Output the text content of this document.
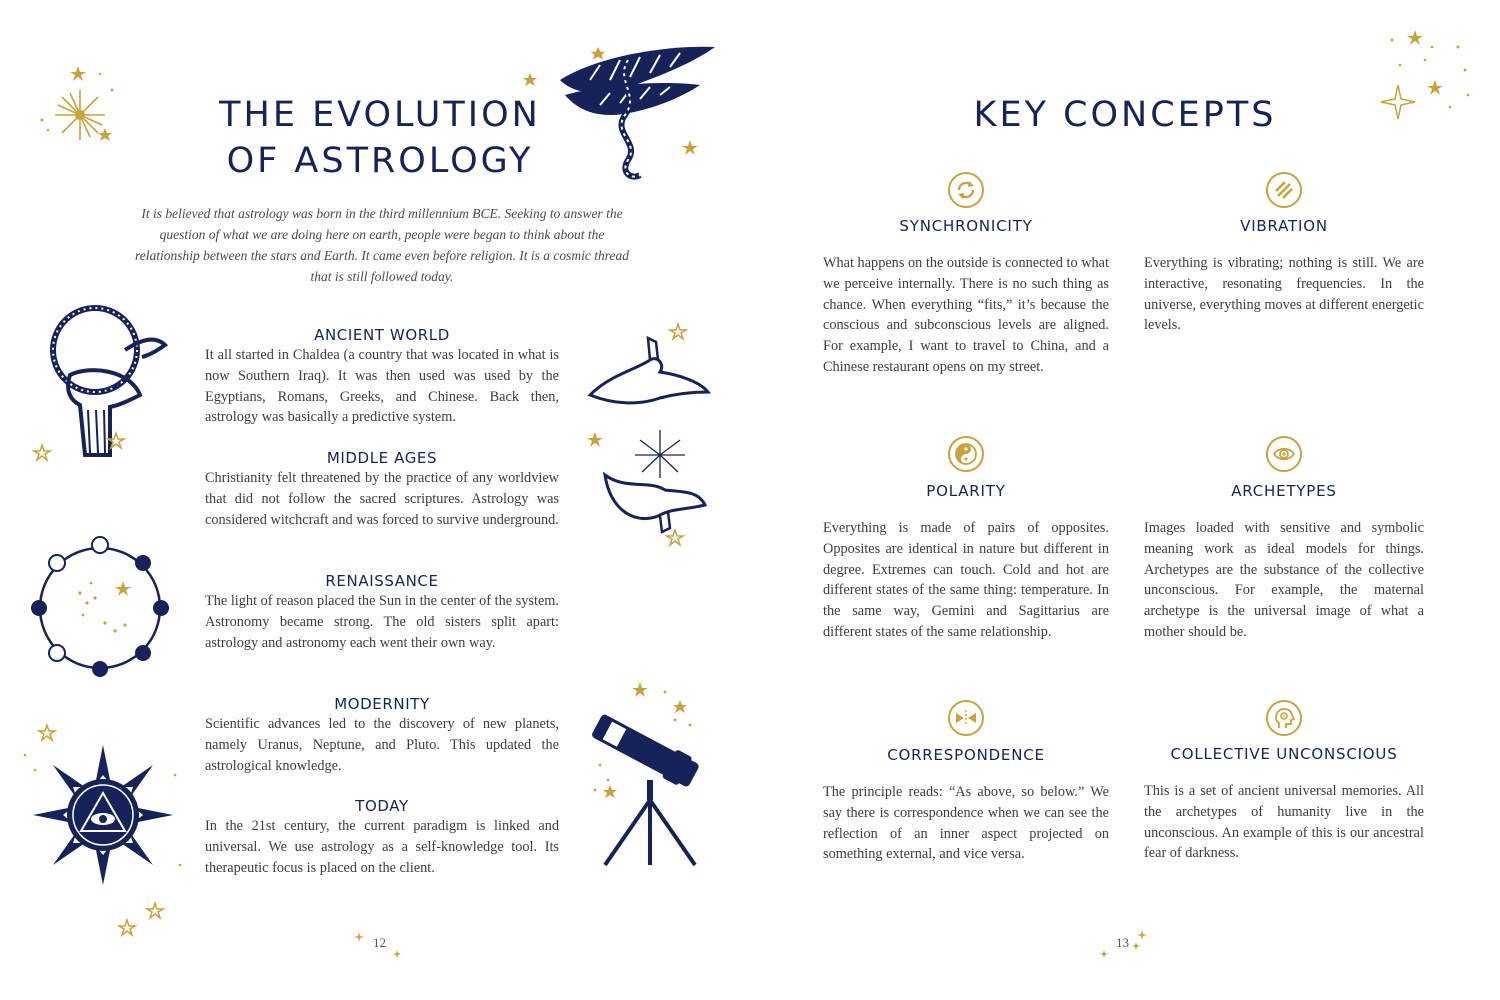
THE EVOLUTION
OF ASTROLOGY
It is believed that astrology was born in the third millennium BCE. Seeking to answer the question of what we are doing here on earth, people were began to think about the relationship between the stars and Earth. It came even before religion. It is a cosmic thread that is still followed today.
ANCIENT WORLD
It all started in Chaldea (a country that was located in what is now Southern Iraq). It was then used was used by the Egyptians, Romans, Greeks, and Chinese. Back then, astrology was basically a predictive system.
MIDDLE AGES
Christianity felt threatened by the practice of any worldview that did not follow the sacred scriptures. Astrology was considered witchcraft and was forced to survive underground.
RENAISSANCE
The light of reason placed the Sun in the center of the system. Astronomy became strong. The old sisters split apart: astrology and astronomy each went their own way.
MODERNITY
Scientific advances led to the discovery of new planets, namely Uranus, Neptune, and Pluto. This updated the astrological knowledge.
TODAY
In the 21st century, the current paradigm is linked and universal. We use astrology as a self-knowledge tool. Its therapeutic focus is placed on the client.
12
KEY CONCEPTS
SYNCHRONICITY
What happens on the outside is connected to what we perceive internally. There is no such thing as chance. When everything “fits,” it’s because the conscious and subconscious levels are aligned. For example, I want to travel to China, and a Chinese restaurant opens on my street.
VIBRATION
Everything is vibrating; nothing is still. We are interactive, resonating frequencies. In the universe, everything moves at different energetic levels.
POLARITY
Everything is made of pairs of opposites. Opposites are identical in nature but different in degree. Extremes can touch. Cold and hot are different states of the same thing: temperature. In the same way, Gemini and Sagittarius are different states of the same relationship.
ARCHETYPES
Images loaded with sensitive and symbolic meaning work as ideal models for things. Archetypes are the substance of the collective unconscious. For example, the maternal archetype is the universal image of what a mother should be.
CORRESPONDENCE
The principle reads: “As above, so below.” We say there is correspondence when we can see the reflection of an inner aspect projected on something external, and vice versa.
COLLECTIVE UNCONSCIOUS
This is a set of ancient universal memories. All the archetypes of humanity live in the unconscious. An example of this is our ancestral fear of darkness.
13
